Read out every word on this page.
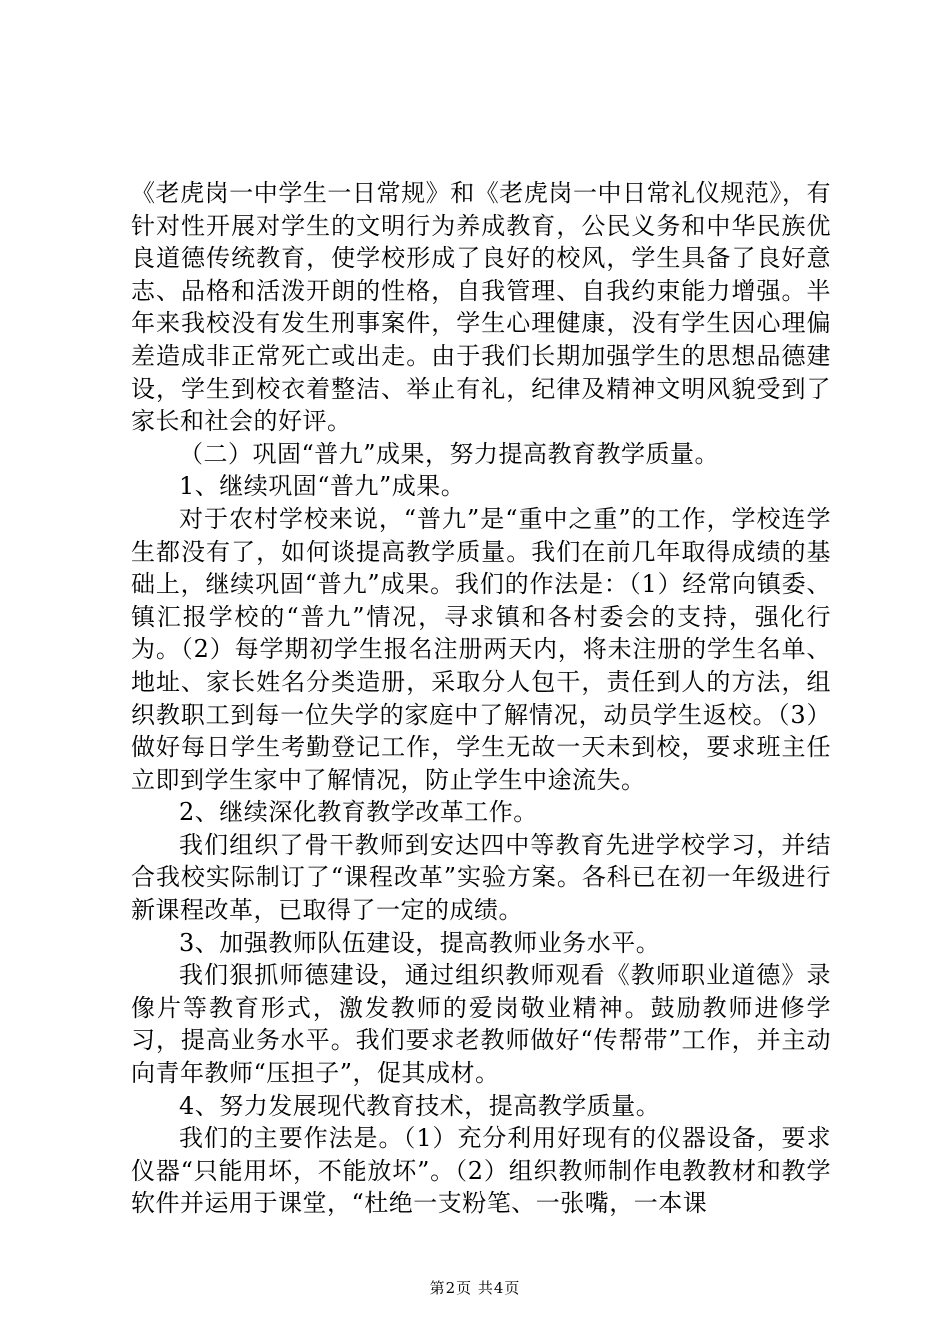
《老虎岗一中学生一日常规》和《老虎岗一中日常礼仪规范》，有针对性开展对学生的文明行为养成教育，公民义务和中华民族优良道德传统教育，使学校形成了良好的校风，学生具备了良好意志、品格和活泼开朗的性格，自我管理、自我约束能力增强。半年来我校没有发生刑事案件，学生心理健康，没有学生因心理偏差造成非正常死亡或出走。由于我们长期加强学生的思想品德建设，学生到校衣着整洁、举止有礼，纪律及精神文明风貌受到了家长和社会的好评。

（二）巩固“普九”成果，努力提高教育教学质量。

1、继续巩固“普九”成果。

对于农村学校来说，“普九”是“重中之重”的工作，学校连学生都没有了，如何谈提高教学质量。我们在前几年取得成绩的基础上，继续巩固“普九”成果。我们的作法是：（1）经常向镇委、镇汇报学校的“普九”情况，寻求镇和各村委会的支持，强化行为。（2）每学期初学生报名注册两天内，将未注册的学生名单、地址、家长姓名分类造册，采取分人包干，责任到人的方法，组织教职工到每一位失学的家庭中了解情况，动员学生返校。（3）做好每日学生考勤登记工作，学生无故一天未到校，要求班主任立即到学生家中了解情况，防止学生中途流失。

2、继续深化教育教学改革工作。

我们组织了骨干教师到安达四中等教育先进学校学习，并结合我校实际制订了“课程改革”实验方案。各科已在初一年级进行新课程改革，已取得了一定的成绩。

3、加强教师队伍建设，提高教师业务水平。

我们狠抓师德建设，通过组织教师观看《教师职业道德》录像片等教育形式，激发教师的爱岗敬业精神。鼓励教师进修学习，提高业务水平。我们要求老教师做好“传帮带”工作，并主动向青年教师“压担子”，促其成材。

4、努力发展现代教育技术，提高教学质量。

我们的主要作法是。（1）充分利用好现有的仪器设备，要求仪器“只能用坏，不能放坏”。（2）组织教师制作电教教材和教学软件并运用于课堂，“杜绝一支粉笔、一张嘴，一本课

第2页 共4页
